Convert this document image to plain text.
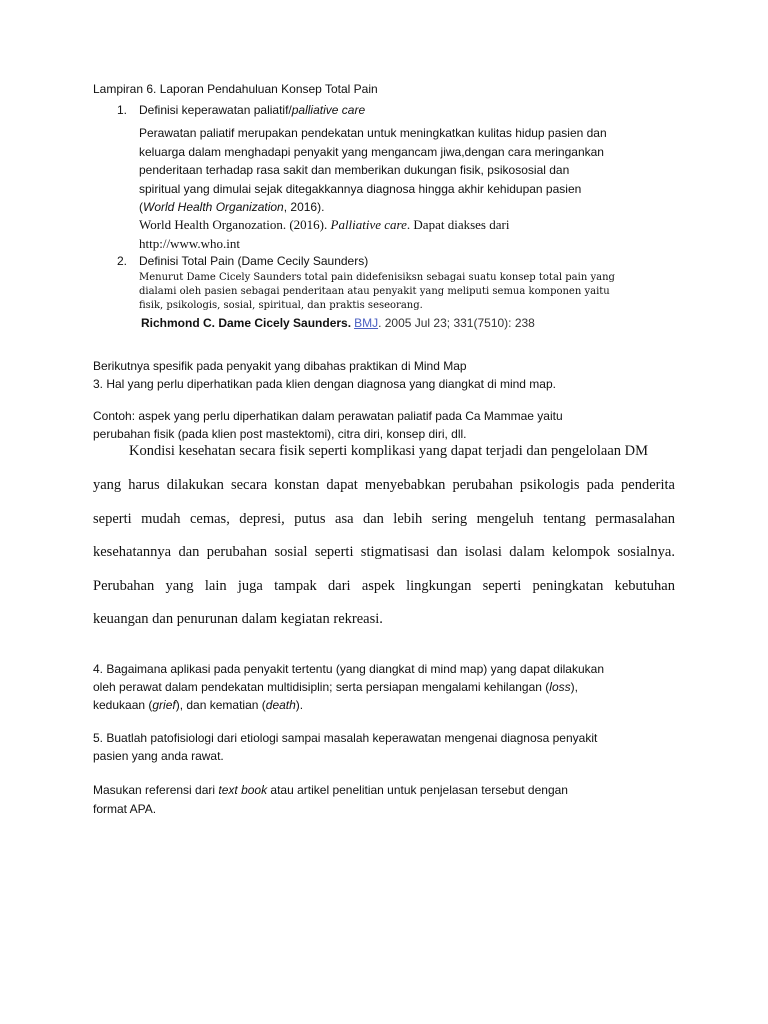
Lampiran 6. Laporan Pendahuluan Konsep Total Pain
1. Definisi keperawatan paliatif/palliative care
Perawatan paliatif merupakan pendekatan untuk meningkatkan kulitas hidup pasien dan
keluarga dalam menghadapi penyakit yang mengancam jiwa,dengan cara meringankan
penderitaan terhadap rasa sakit dan memberikan dukungan fisik, psikososial dan
spiritual yang dimulai sejak ditegakkannya diagnosa hingga akhir kehidupan pasien
(World Health Organization, 2016).
World Health Organozation. (2016). Palliative care. Dapat diakses dari
http://www.who.int
2. Definisi Total Pain (Dame Cecily Saunders)
Menurut Dame Cicely Saunders total pain didefenisiksn sebagai suatu konsep total pain yang
dialami oleh pasien sebagai penderitaan atau penyakit yang meliputi semua komponen yaitu
fisik, psikologis, sosial, spiritual, dan praktis seseorang.
Richmond C. Dame Cicely Saunders. BMJ. 2005 Jul 23; 331(7510): 238
Berikutnya spesifik pada penyakit yang dibahas praktikan di Mind Map
3. Hal yang perlu diperhatikan pada klien dengan diagnosa yang diangkat di mind map.
Contoh: aspek yang perlu diperhatikan dalam perawatan paliatif pada Ca Mammae yaitu
perubahan fisik (pada klien post mastektomi), citra diri, konsep diri, dll.
Kondisi kesehatan secara fisik seperti komplikasi yang dapat terjadi dan pengelolaan DM
yang harus dilakukan secara konstan dapat menyebabkan perubahan psikologis pada penderita
seperti mudah cemas, depresi, putus asa dan lebih sering mengeluh tentang permasalahan
kesehatannya dan perubahan sosial seperti stigmatisasi dan isolasi dalam kelompok sosialnya.
Perubahan yang lain juga tampak dari aspek lingkungan seperti peningkatan kebutuhan
keuangan dan penurunan dalam kegiatan rekreasi.
4. Bagaimana aplikasi pada penyakit tertentu (yang diangkat di mind map) yang dapat dilakukan
oleh perawat dalam pendekatan multidisiplin; serta persiapan mengalami kehilangan (loss),
kedukaan (grief), dan kematian (death).
5. Buatlah patofisiologi dari etiologi sampai masalah keperawatan mengenai diagnosa penyakit
pasien yang anda rawat.
Masukan referensi dari text book atau artikel penelitian untuk penjelasan tersebut dengan
format APA.
